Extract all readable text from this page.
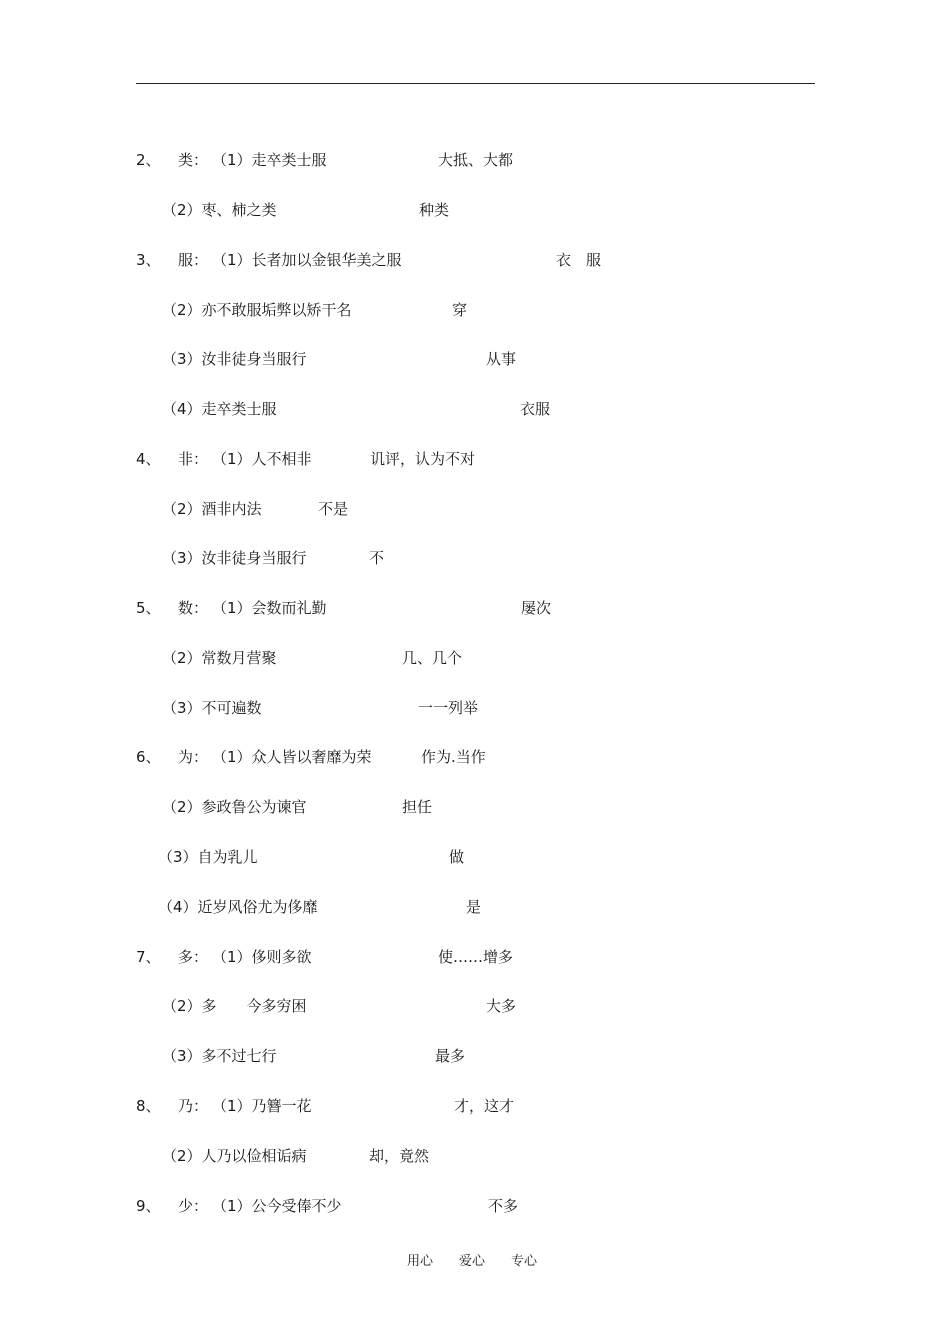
2、 类： （1）走卒类士服	大抵、大都
（2）枣、柿之类	种类
3、 服： （1）长者加以金银华美之服	衣　服
（2）亦不敢服垢弊以矫干名	穿
（3）汝非徒身当服行	从事
（4）走卒类士服	衣服
4、 非： （1）人不相非	讥评，认为不对
（2）酒非内法	不是
（3）汝非徒身当服行	不
5、 数： （1）会数而礼勤	屡次
（2）常数月营聚	几、几个
（3）不可遍数	一一列举
6、 为： （1）众人皆以奢靡为荣	作为.当作
（2）参政鲁公为谏官	担任
（3）自为乳儿	做
（4）近岁风俗尤为侈靡	是
7、 多： （1）侈则多欲	使……增多
（2）多　　今多穷困	大多
（3）多不过七行	最多
8、 乃： （1）乃簪一花	才，这才
（2）人乃以俭相诟病	却，竟然
9、 少： （1）公今受俸不少	不多
用心　　爱心　　专心
